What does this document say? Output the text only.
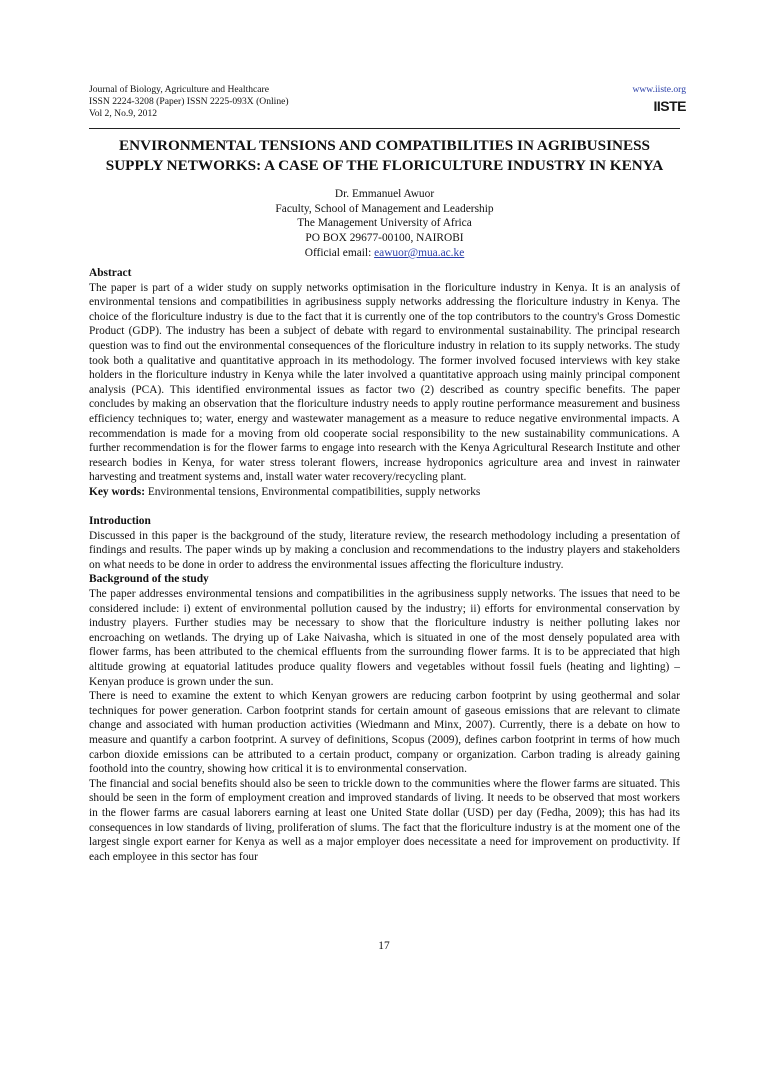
Journal of Biology, Agriculture and Healthcare
ISSN 2224-3208 (Paper) ISSN 2225-093X (Online)
Vol 2, No.9, 2012
www.iiste.org
IISTE
ENVIRONMENTAL TENSIONS AND COMPATIBILITIES IN AGRIBUSINESS
SUPPLY NETWORKS: A CASE OF THE FLORICULTURE INDUSTRY IN KENYA
Dr. Emmanuel Awuor
Faculty, School of Management and Leadership
The Management University of Africa
PO BOX 29677-00100, NAIROBI
Official email: eawuor@mua.ac.ke
Abstract

The paper is part of a wider study on supply networks optimisation in the floriculture industry in Kenya. It is an analysis of environmental tensions and compatibilities in agribusiness supply networks addressing the floriculture industry in Kenya. The choice of the floriculture industry is due to the fact that it is currently one of the top contributors to the country's Gross Domestic Product (GDP). The industry has been a subject of debate with regard to environmental sustainability. The principal research question was to find out the environmental consequences of the floriculture industry in relation to its supply networks. The study took both a qualitative and quantitative approach in its methodology. The former involved focused interviews with key stake holders in the floriculture industry in Kenya while the later involved a quantitative approach using mainly principal component analysis (PCA). This identified environmental issues as factor two (2) described as country specific benefits. The paper concludes by making an observation that the floriculture industry needs to apply routine performance measurement and business efficiency techniques to; water, energy and wastewater management as a measure to reduce negative environmental impacts. A recommendation is made for a moving from old cooperate social responsibility to the new sustainability communications. A further recommendation is for the flower farms to engage into research with the Kenya Agricultural Research Institute and other research bodies in Kenya, for water stress tolerant flowers, increase hydroponics agriculture area and invest in rainwater harvesting and treatment systems and, install water water recovery/recycling plant.

Key words: Environmental tensions, Environmental compatibilities, supply networks

Introduction

Discussed in this paper is the background of the study, literature review, the research methodology including a presentation of findings and results. The paper winds up by making a conclusion and recommendations to the industry players and stakeholders on what needs to be done in order to address the environmental issues affecting the floriculture industry.

Background of the study

The paper addresses environmental tensions and compatibilities in the agribusiness supply networks. The issues that need to be considered include: i) extent of environmental pollution caused by the industry; ii) efforts for environmental conservation by industry players. Further studies may be necessary to show that the floriculture industry is neither polluting lakes nor encroaching on wetlands. The drying up of Lake Naivasha, which is situated in one of the most densely populated area with flower farms, has been attributed to the chemical effluents from the surrounding flower farms. It is to be appreciated that high altitude growing at equatorial latitudes produce quality flowers and vegetables without fossil fuels (heating and lighting) – Kenyan produce is grown under the sun.

There is need to examine the extent to which Kenyan growers are reducing carbon footprint by using geothermal and solar techniques for power generation. Carbon footprint stands for certain amount of gaseous emissions that are relevant to climate change and associated with human production activities (Wiedmann and Minx, 2007). Currently, there is a debate on how to measure and quantify a carbon footprint. A survey of definitions, Scopus (2009), defines carbon footprint in terms of how much carbon dioxide emissions can be attributed to a certain product, company or organization. Carbon trading is already gaining foothold into the country, showing how critical it is to environmental conservation.

The financial and social benefits should also be seen to trickle down to the communities where the flower farms are situated. This should be seen in the form of employment creation and improved standards of living. It needs to be observed that most workers in the flower farms are casual laborers earning at least one United State dollar (USD) per day (Fedha, 2009); this has had its consequences in low standards of living, proliferation of slums. The fact that the floriculture industry is at the moment one of the largest single export earner for Kenya as well as a major employer does necessitate a need for improvement on productivity. If each employee in this sector has four

17
